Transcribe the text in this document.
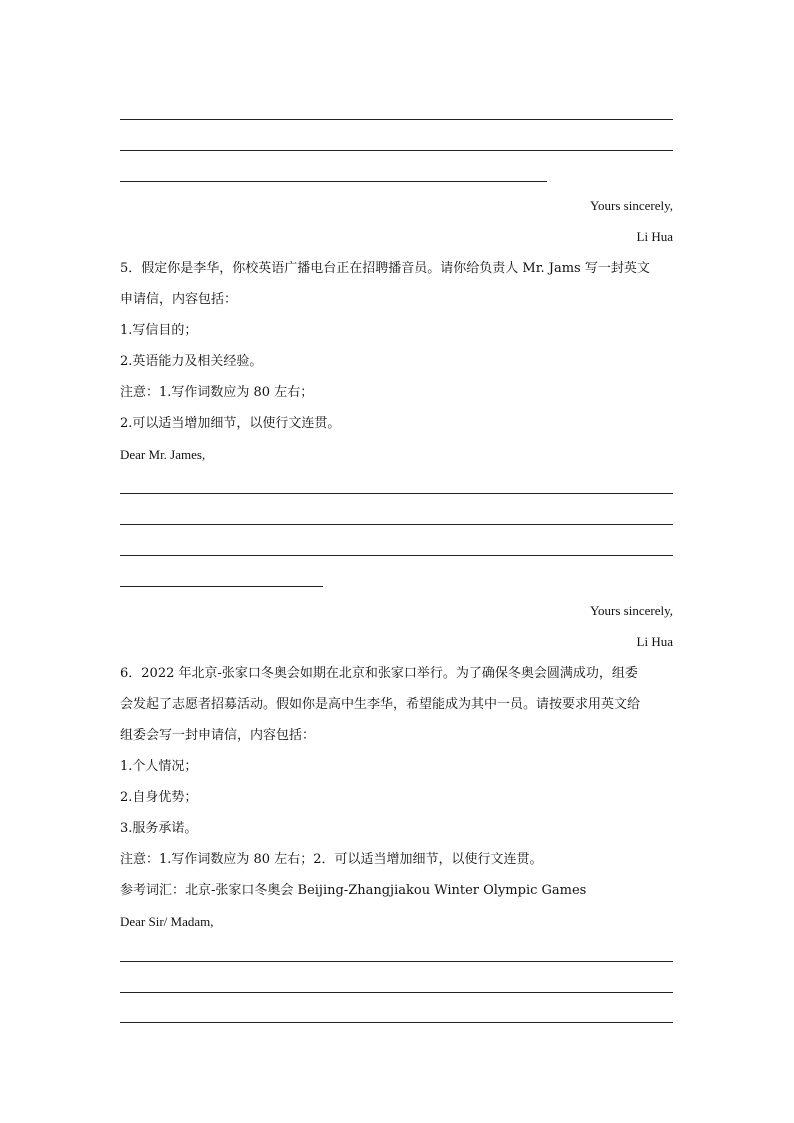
Yours sincerely,
Li Hua
5．假定你是李华，你校英语广播电台正在招聘播音员。请你给负责人 Mr. Jams 写一封英文
申请信，内容包括：
1.写信目的；
2.英语能力及相关经验。
注意：1.写作词数应为 80 左右；
2.可以适当增加细节，以使行文连贯。
Dear Mr. James,
Yours sincerely,
Li Hua
6．2022 年北京-张家口冬奥会如期在北京和张家口举行。为了确保冬奥会圆满成功，组委
会发起了志愿者招募活动。假如你是高中生李华，希望能成为其中一员。请按要求用英文给
组委会写一封申请信，内容包括：
1.个人情况；
2.自身优势；
3.服务承诺。
注意：1.写作词数应为 80 左右；2．可以适当增加细节，以使行文连贯。
参考词汇：北京-张家口冬奥会 Beijing-Zhangjiakou Winter Olympic Games
Dear Sir/ Madam,
